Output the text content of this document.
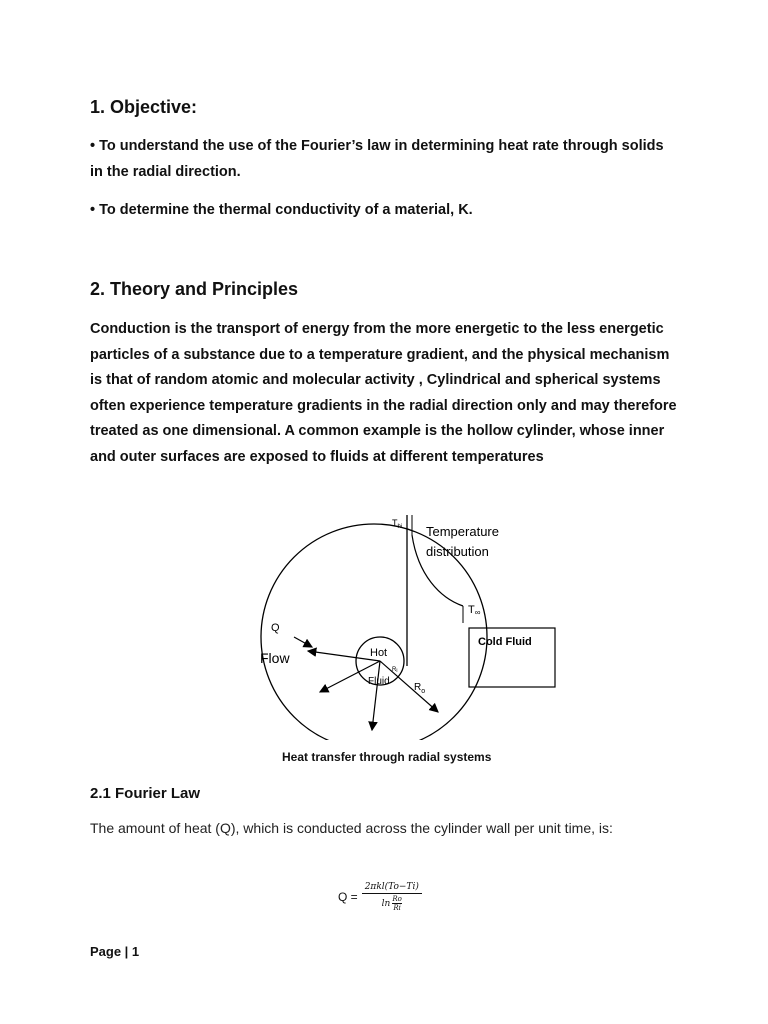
1. Objective:
• To understand the use of the Fourier’s law in determining heat rate through solids in the radial direction.
• To determine the thermal conductivity of a material, K.
2. Theory and Principles
Conduction is the transport of energy from the more energetic to the less energetic particles of a substance due to a temperature gradient, and the physical mechanism is that of random atomic and molecular activity , Cylindrical and spherical systems often experience temperature gradients in the radial direction only and may therefore treated as one dimensional. A common example is the hollow cylinder, whose inner and outer surfaces are exposed to fluids at different temperatures
$T_{hi}$ Temperature
distribution
T∞
Q
Flow	Hot
Fluid
Ri
$R_o$
Cold Fluid
Heat transfer through radial systems
2.1 Fourier Law
The amount of heat (Q), which is conducted across the cylinder wall per unit time, is:
$Q = \frac{\text{2πkl(To−Ti)}}{\ln \frac{Ro}{Ri}}$
Page | 1
